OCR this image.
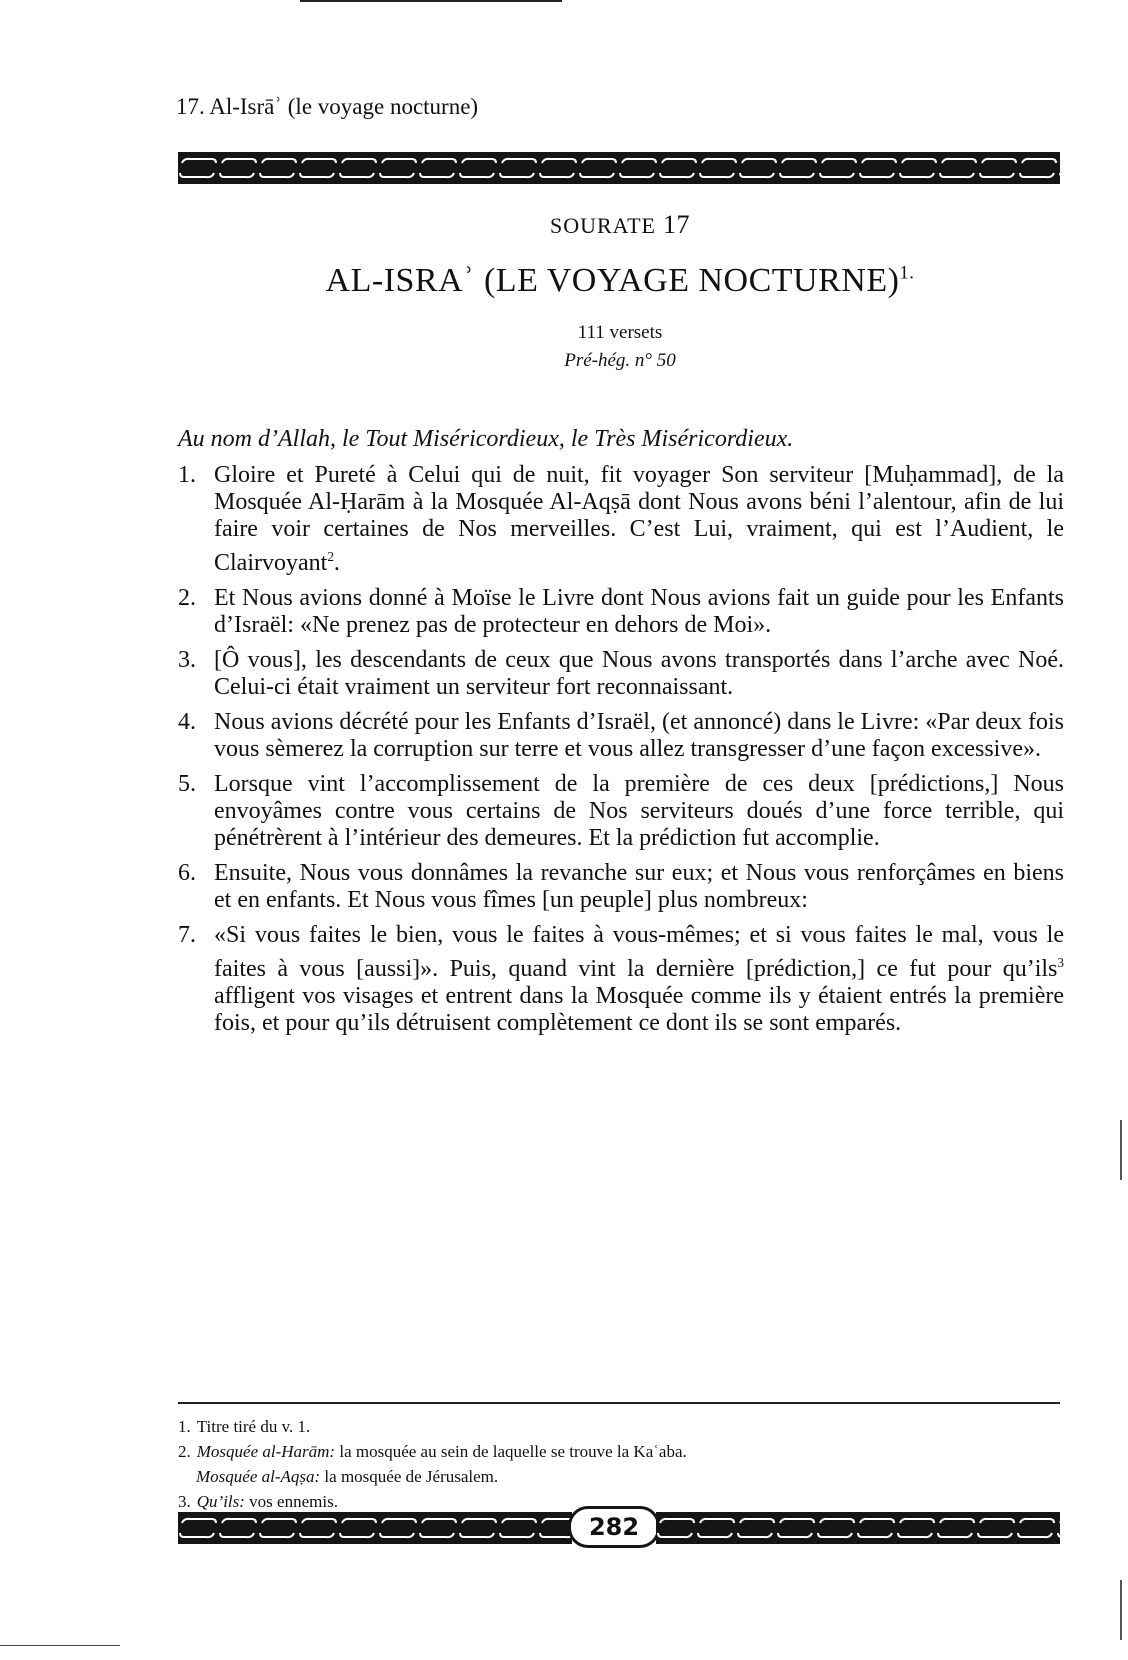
17. Al-Isrāʾ (le voyage nocturne)
SOURATE 17
AL-ISRAʾ (LE VOYAGE NOCTURNE)$^{1.}$
111 versets
Pré-hég. n° 50
Au nom d’Allah, le Tout Miséricordieux, le Très Miséricordieux.
1. Gloire et Pureté à Celui qui de nuit, fit voyager Son serviteur [Muḥammad], de la Mosquée Al-Ḥarām à la Mosquée Al-Aqṣā dont Nous avons béni l’alentour, afin de lui faire voir certaines de Nos merveilles. C’est Lui, vraiment, qui est l’Audient, le Clairvoyant$^2$.
2. Et Nous avions donné à Moïse le Livre dont Nous avions fait un guide pour les Enfants d’Israël: «Ne prenez pas de protecteur en dehors de Moi».
3. [Ô vous], les descendants de ceux que Nous avons transportés dans l’arche avec Noé. Celui-ci était vraiment un serviteur fort reconnaissant.
4. Nous avions décrété pour les Enfants d’Israël, (et annoncé) dans le Livre: «Par deux fois vous sèmerez la corruption sur terre et vous allez transgresser d’une façon excessive».
5. Lorsque vint l’accomplissement de la première de ces deux [prédictions,] Nous envoyâmes contre vous certains de Nos serviteurs doués d’une force terrible, qui pénétrèrent à l’intérieur des demeures. Et la prédiction fut accomplie.
6. Ensuite, Nous vous donnâmes la revanche sur eux; et Nous vous renforçâmes en biens et en enfants. Et Nous vous fîmes [un peuple] plus nombreux:
7. «Si vous faites le bien, vous le faites à vous-mêmes; et si vous faites le mal, vous le faites à vous [aussi]». Puis, quand vint la dernière [prédiction,] ce fut pour qu’ils$^3$ affligent vos visages et entrent dans la Mosquée comme ils y étaient entrés la première fois, et pour qu’ils détruisent complètement ce dont ils se sont emparés.
1. Titre tiré du v. 1.
2. Mosquée al-Harām: la mosquée au sein de laquelle se trouve la Kaʿaba.
Mosquée al-Aqṣa: la mosquée de Jérusalem.
3. Qu’ils: vos ennemis.
282
